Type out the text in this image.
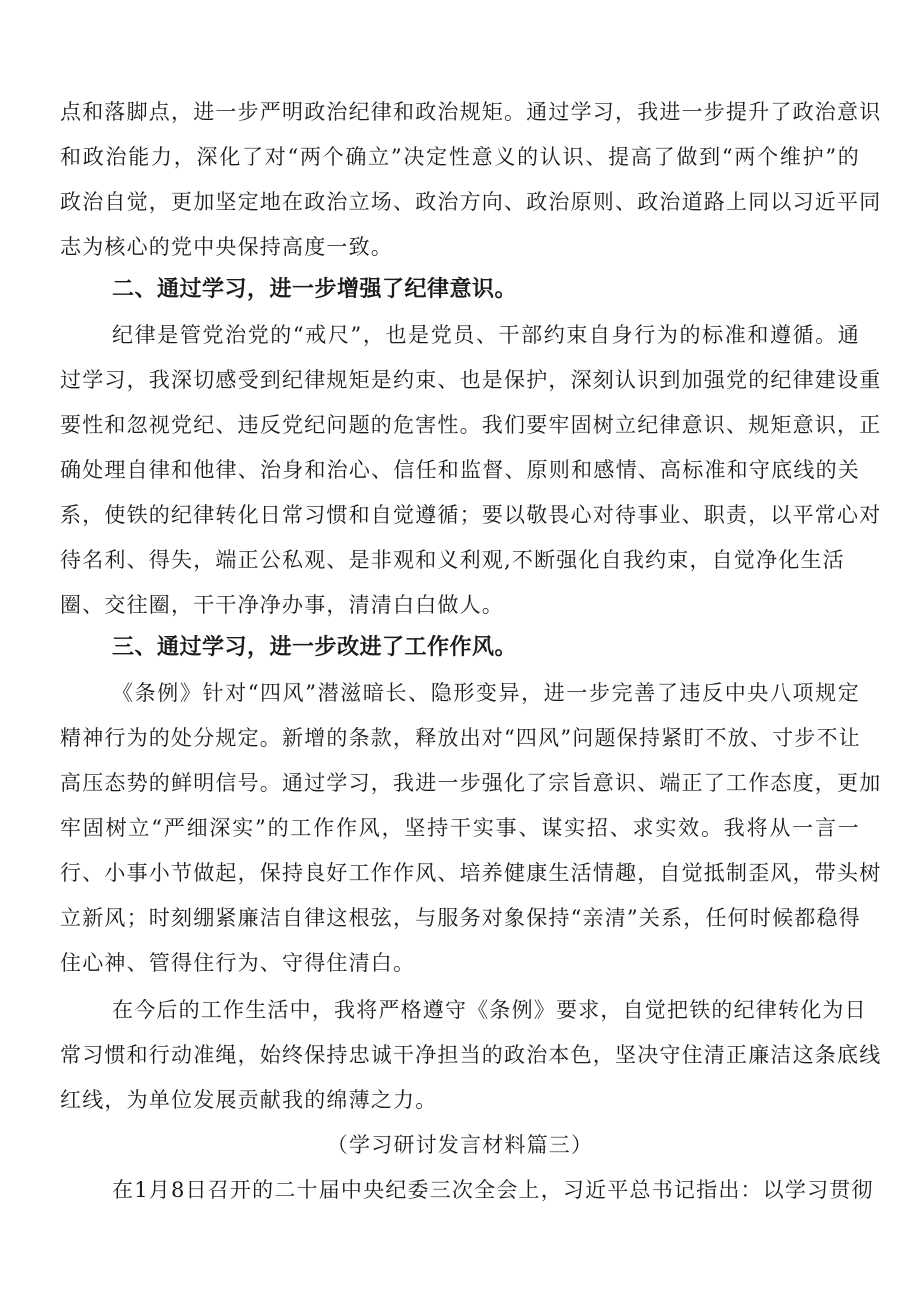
点和落脚点，进一步严明政治纪律和政治规矩。通过学习，我进一步提升了政治意识
和政治能力，深化了对“两个确立”决定性意义的认识、提高了做到“两个维护”的
政治自觉，更加坚定地在政治立场、政治方向、政治原则、政治道路上同以习近平同
志为核心的党中央保持高度一致。
二、通过学习，进一步增强了纪律意识。
纪律是管党治党的“戒尺”，也是党员、干部约束自身行为的标准和遵循。通
过学习，我深切感受到纪律规矩是约束、也是保护，深刻认识到加强党的纪律建设重
要性和忽视党纪、违反党纪问题的危害性。我们要牢固树立纪律意识、规矩意识，正
确处理自律和他律、治身和治心、信任和监督、原则和感情、高标准和守底线的关
系，使铁的纪律转化日常习惯和自觉遵循；要以敬畏心对待事业、职责，以平常心对
待名利、得失，端正公私观、是非观和义利观,不断强化自我约束，自觉净化生活
圈、交往圈，干干净净办事，清清白白做人。
三、通过学习，进一步改进了工作作风。
《条例》针对“四风”潜滋暗长、隐形变异，进一步完善了违反中央八项规定
精神行为的处分规定。新增的条款，释放出对“四风”问题保持紧盯不放、寸步不让
高压态势的鲜明信号。通过学习，我进一步强化了宗旨意识、端正了工作态度，更加
牢固树立“严细深实”的工作作风，坚持干实事、谋实招、求实效。我将从一言一
行、小事小节做起，保持良好工作作风、培养健康生活情趣，自觉抵制歪风，带头树
立新风；时刻绷紧廉洁自律这根弦，与服务对象保持“亲清”关系，任何时候都稳得
住心神、管得住行为、守得住清白。
在今后的工作生活中，我将严格遵守《条例》要求，自觉把铁的纪律转化为日
常习惯和行动准绳，始终保持忠诚干净担当的政治本色，坚决守住清正廉洁这条底线
红线，为单位发展贡献我的绵薄之力。
（学习研讨发言材料篇三）
在1月8日召开的二十届中央纪委三次全会上，习近平总书记指出：以学习贯彻
